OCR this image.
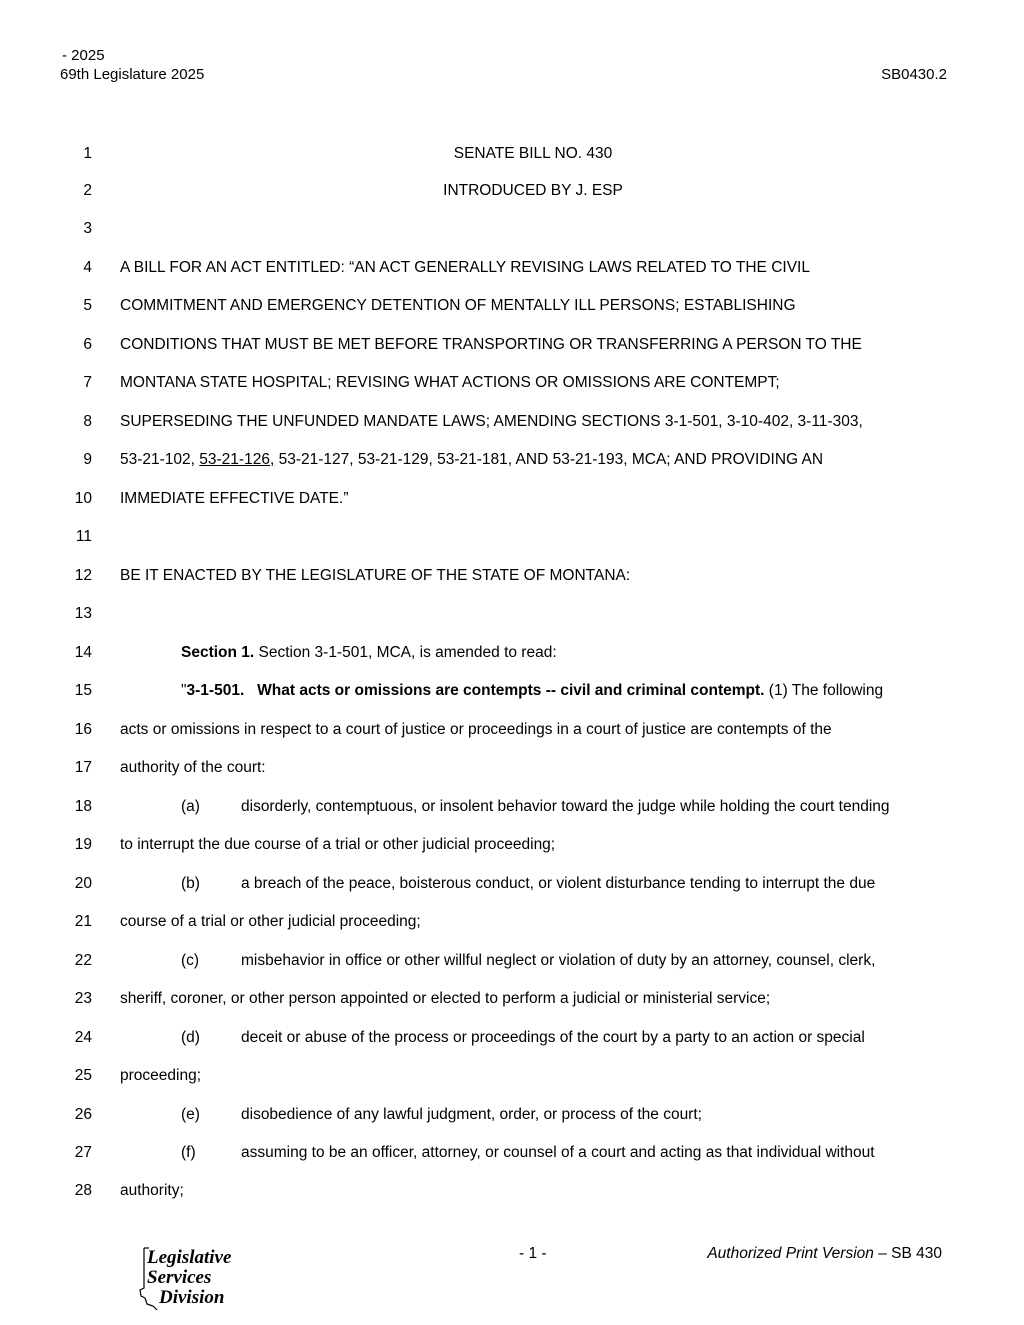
- 2025
69th Legislature 2025	SB0430.2
1	SENATE BILL NO. 430
2	INTRODUCED BY J. ESP
3
4 A BILL FOR AN ACT ENTITLED: “AN ACT GENERALLY REVISING LAWS RELATED TO THE CIVIL
5 COMMITMENT AND EMERGENCY DETENTION OF MENTALLY ILL PERSONS; ESTABLISHING
6 CONDITIONS THAT MUST BE MET BEFORE TRANSPORTING OR TRANSFERRING A PERSON TO THE
7 MONTANA STATE HOSPITAL; REVISING WHAT ACTIONS OR OMISSIONS ARE CONTEMPT;
8 SUPERSEDING THE UNFUNDED MANDATE LAWS; AMENDING SECTIONS 3-1-501, 3-10-402, 3-11-303,
9 53-21-102, 53-21-126, 53-21-127, 53-21-129, 53-21-181, AND 53-21-193, MCA; AND PROVIDING AN
10 IMMEDIATE EFFECTIVE DATE.”
11
12 BE IT ENACTED BY THE LEGISLATURE OF THE STATE OF MONTANA:
13
14	Section 1. Section 3-1-501, MCA, is amended to read:
15	"3-1-501.   What acts or omissions are contempts -- civil and criminal contempt. (1) The following
16 acts or omissions in respect to a court of justice or proceedings in a court of justice are contempts of the
17 authority of the court:
18	(a)	disorderly, contemptuous, or insolent behavior toward the judge while holding the court tending
19 to interrupt the due course of a trial or other judicial proceeding;
20	(b)	a breach of the peace, boisterous conduct, or violent disturbance tending to interrupt the due
21 course of a trial or other judicial proceeding;
22	(c)	misbehavior in office or other willful neglect or violation of duty by an attorney, counsel, clerk,
23 sheriff, coroner, or other person appointed or elected to perform a judicial or ministerial service;
24	(d)	deceit or abuse of the process or proceedings of the court by a party to an action or special
25 proceeding;
26	(e)	disobedience of any lawful judgment, order, or process of the court;
27	(f)	assuming to be an officer, attorney, or counsel of a court and acting as that individual without
28 authority;
Legislative
Services
Division
- 1 -	Authorized Print Version – SB 430
